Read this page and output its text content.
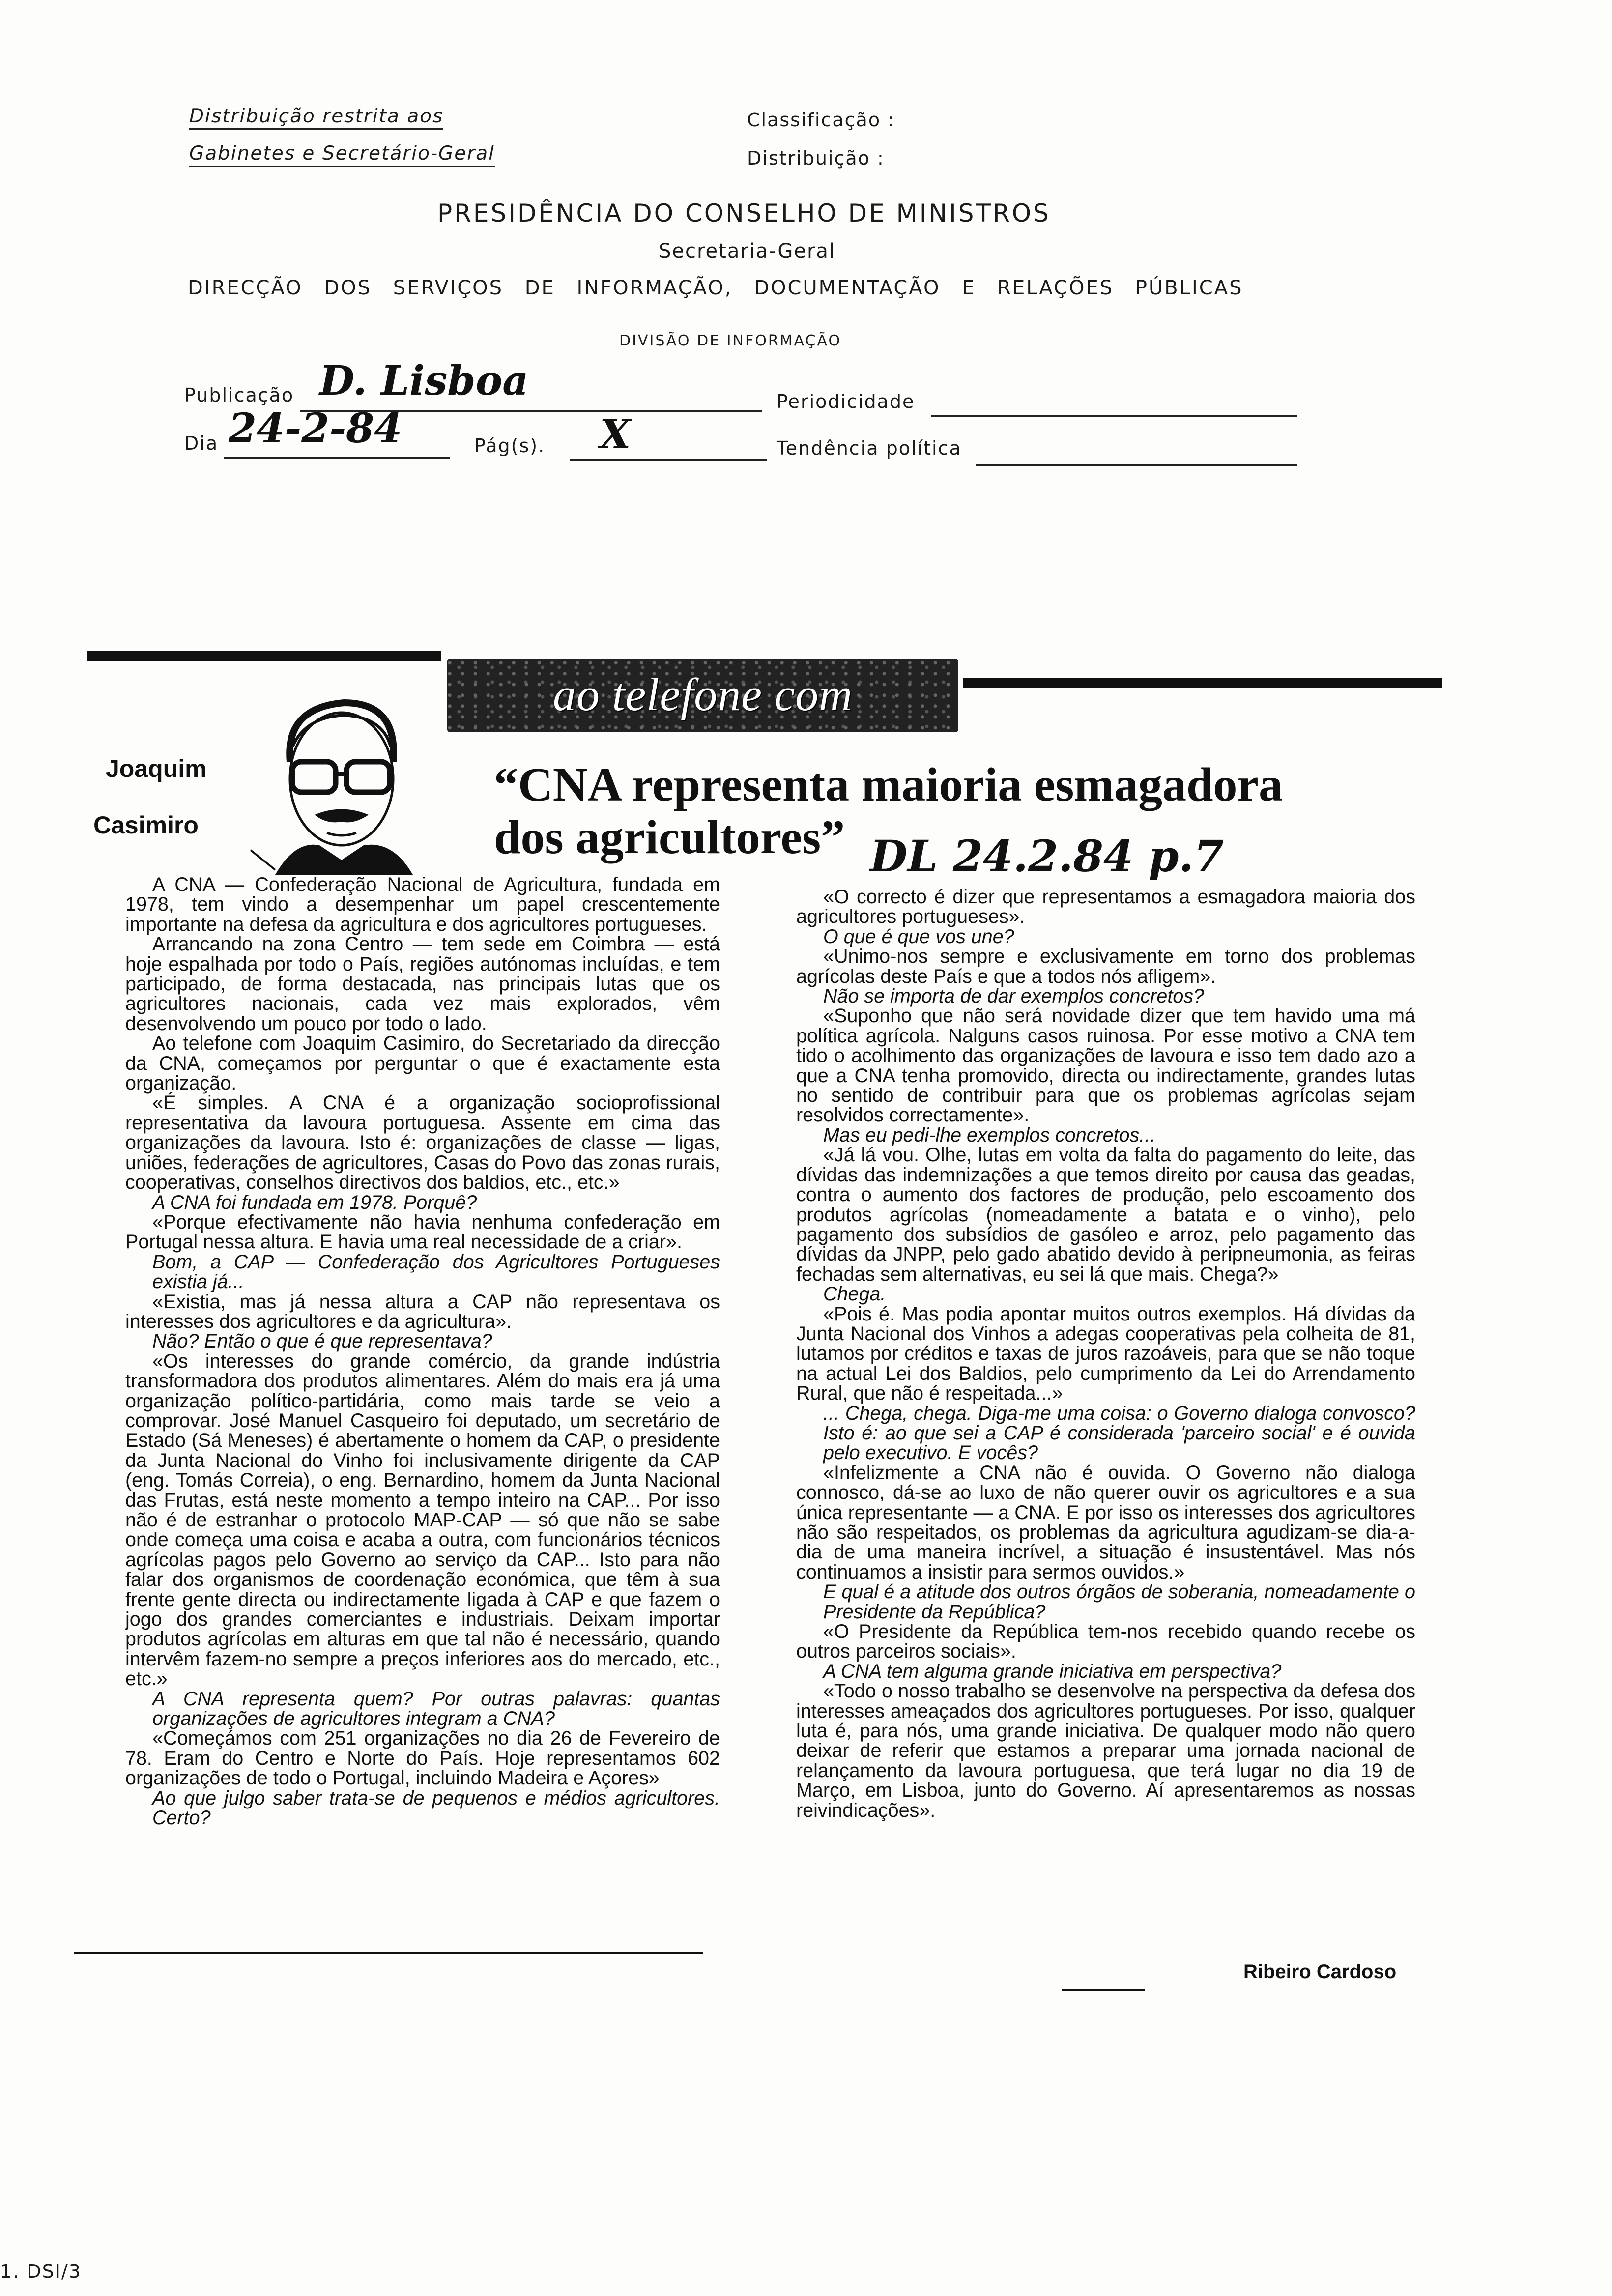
Distribuição restrita aos
Gabinetes e Secretário-Geral
Classificação :
Distribuição :
PRESIDÊNCIA DO CONSELHO DE MINISTROS
Secretaria-Geral
DIRECÇÃO DOS SERVIÇOS DE INFORMAÇÃO, DOCUMENTAÇÃO E RELAÇÕES PÚBLICAS
DIVISÃO DE INFORMAÇÃO
Publicação D. Lisboa	Periodicidade
Dia 24-2-84	Pág(s). X	Tendência política
ao telefone com
Joaquim
Casimiro
“CNA representa maioria esmagadora
dos agricultores” DL 24.2.84 p.7

A CNA — Confederação Nacional de Agricultura, fundada em 1978, tem vindo a desempenhar um papel crescentemente importante na defesa da agricultura e dos agricultores portugueses.

Arrancando na zona Centro — tem sede em Coimbra — está hoje espalhada por todo o País, regiões autónomas incluídas, e tem participado, de forma destacada, nas principais lutas que os agricultores nacionais, cada vez mais explorados, vêm desenvolvendo um pouco por todo o lado.

Ao telefone com Joaquim Casimiro, do Secretariado da direcção da CNA, começamos por perguntar o que é exactamente esta organização.

«É simples. A CNA é a organização socioprofissional representativa da lavoura portuguesa. Assente em cima das organizações da lavoura. Isto é: organizações de classe — ligas, uniões, federações de agricultores, Casas do Povo das zonas rurais, cooperativas, conselhos directivos dos baldios, etc., etc.»

A CNA foi fundada em 1978. Porquê?

«Porque efectivamente não havia nenhuma confederação em Portugal nessa altura. E havia uma real necessidade de a criar».

Bom, a CAP — Confederação dos Agricultores Portugueses existia já...

«Existia, mas já nessa altura a CAP não representava os interesses dos agricultores e da agricultura».

Não? Então o que é que representava?

«Os interesses do grande comércio, da grande indústria transformadora dos produtos alimentares. Além do mais era já uma organização político-partidária, como mais tarde se veio a comprovar. José Manuel Casqueiro foi deputado, um secretário de Estado (Sá Meneses) é abertamente o homem da CAP, o presidente da Junta Nacional do Vinho foi inclusivamente dirigente da CAP (eng. Tomás Correia), o eng. Bernardino, homem da Junta Nacional das Frutas, está neste momento a tempo inteiro na CAP... Por isso não é de estranhar o protocolo MAP-CAP — só que não se sabe onde começa uma coisa e acaba a outra, com funcionários técnicos agrícolas pagos pelo Governo ao serviço da CAP... Isto para não falar dos organismos de coordenação económica, que têm à sua frente gente directa ou indirectamente ligada à CAP e que fazem o jogo dos grandes comerciantes e industriais. Deixam importar produtos agrícolas em alturas em que tal não é necessário, quando intervêm fazem-no sempre a preços inferiores aos do mercado, etc., etc.»

A CNA representa quem? Por outras palavras: quantas organizações de agricultores integram a CNA?

«Começámos com 251 organizações no dia 26 de Fevereiro de 78. Eram do Centro e Norte do País. Hoje representamos 602 organizações de todo o Portugal, incluindo Madeira e Açores»

Ao que julgo saber trata-se de pequenos e médios agricultores. Certo?

«O correcto é dizer que representamos a esmagadora maioria dos agricultores portugueses».

O que é que vos une?

«Unimo-nos sempre e exclusivamente em torno dos problemas agrícolas deste País e que a todos nós afligem».

Não se importa de dar exemplos concretos?

«Suponho que não será novidade dizer que tem havido uma má política agrícola. Nalguns casos ruinosa. Por esse motivo a CNA tem tido o acolhimento das organizações de lavoura e isso tem dado azo a que a CNA tenha promovido, directa ou indirectamente, grandes lutas no sentido de contribuir para que os problemas agrícolas sejam resolvidos correctamente».

Mas eu pedi-lhe exemplos concretos...

«Já lá vou. Olhe, lutas em volta da falta do pagamento do leite, das dívidas das indemnizações a que temos direito por causa das geadas, contra o aumento dos factores de produção, pelo escoamento dos produtos agrícolas (nomeadamente a batata e o vinho), pelo pagamento dos subsídios de gasóleo e arroz, pelo pagamento das dívidas da JNPP, pelo gado abatido devido à peripneumonia, as feiras fechadas sem alternativas, eu sei lá que mais. Chega?»

Chega.

«Pois é. Mas podia apontar muitos outros exemplos. Há dívidas da Junta Nacional dos Vinhos a adegas cooperativas pela colheita de 81, lutamos por créditos e taxas de juros razoáveis, para que se não toque na actual Lei dos Baldios, pelo cumprimento da Lei do Arrendamento Rural, que não é respeitada...»

... Chega, chega. Diga-me uma coisa: o Governo dialoga convosco? Isto é: ao que sei a CAP é considerada 'parceiro social' e é ouvida pelo executivo. E vocês?

«Infelizmente a CNA não é ouvida. O Governo não dialoga connosco, dá-se ao luxo de não querer ouvir os agricultores e a sua única representante — a CNA. E por isso os interesses dos agricultores não são respeitados, os problemas da agricultura agudizam-se dia-a-dia de uma maneira incrível, a situação é insustentável. Mas nós continuamos a insistir para sermos ouvidos.»

E qual é a atitude dos outros órgãos de soberania, nomeadamente o Presidente da República?

«O Presidente da República tem-nos recebido quando recebe os outros parceiros sociais».

A CNA tem alguma grande iniciativa em perspectiva?

«Todo o nosso trabalho se desenvolve na perspectiva da defesa dos interesses ameaçados dos agricultores portugueses. Por isso, qualquer luta é, para nós, uma grande iniciativa. De qualquer modo não quero deixar de referir que estamos a preparar uma jornada nacional de relançamento da lavoura portuguesa, que terá lugar no dia 19 de Março, em Lisboa, junto do Governo. Aí apresentaremos as nossas reivindicações».

Ribeiro Cardoso
1. DSI/3
